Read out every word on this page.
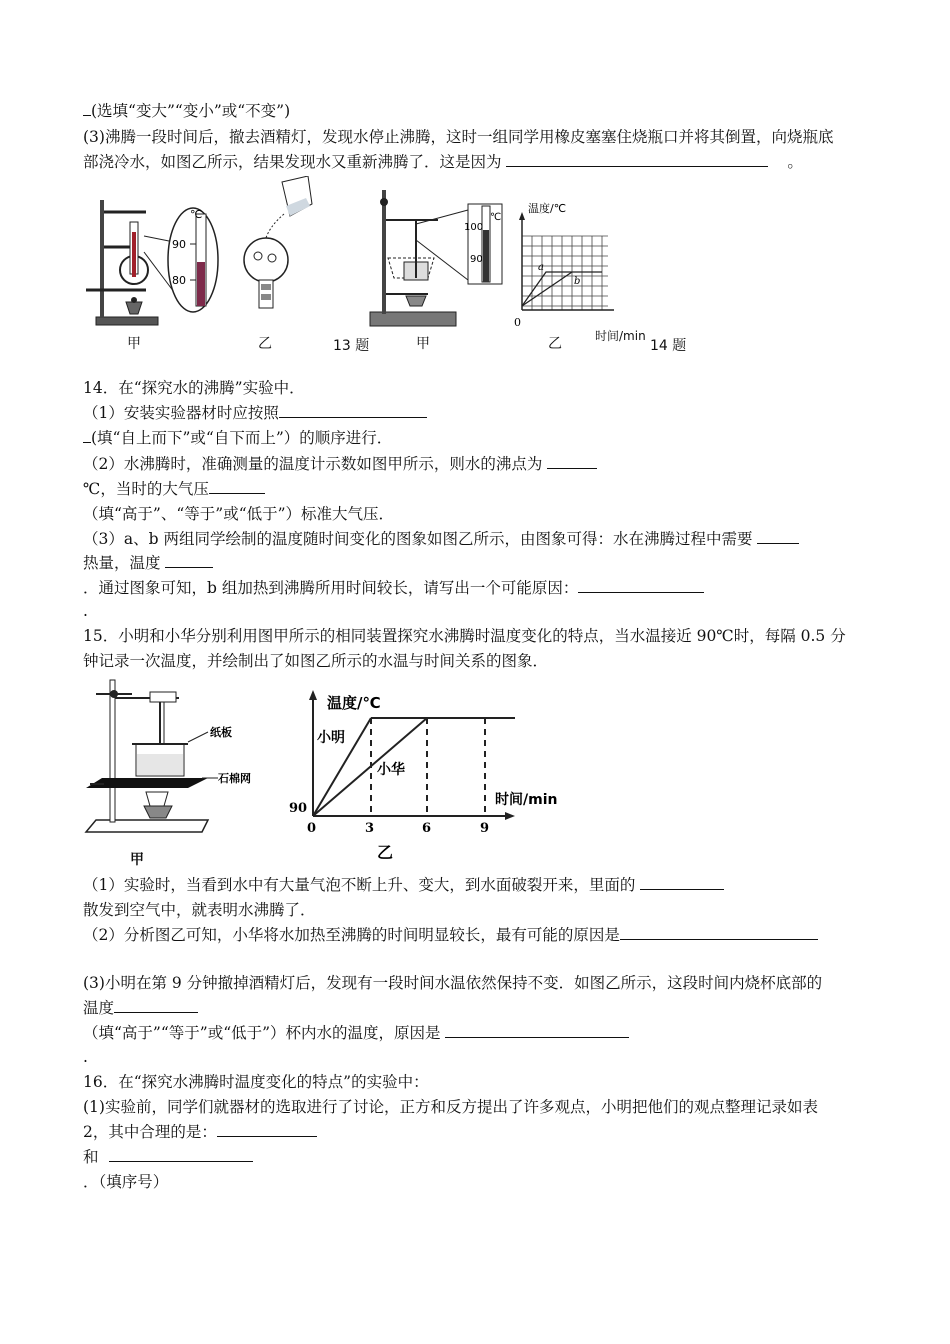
(选填“变大”“变小”或“不变”)
(3)沸腾一段时间后，撤去酒精灯，发现水停止沸腾，这时一组同学用橡皮塞塞住烧瓶口并将其倒置，向烧瓶底
部浇冷水，如图乙所示，结果发现水又重新沸腾了．这是因为	。
℃
90
80
甲	乙	13 题
℃
100
90
甲
温度/℃
a
b
0
乙	时间/min
14 题
14．在“探究水的沸腾”实验中．
（1）安装实验器材时应按照
(填“自上而下”或“自下而上”）的顺序进行．
（2）水沸腾时，准确测量的温度计示数如图甲所示，则水的沸点为
℃，当时的大气压
（填“高于”、“等于”或“低于”）标准大气压．
（3）a、b 两组同学绘制的温度随时间变化的图象如图乙所示，由图象可得：水在沸腾过程中需要
热量，温度
．通过图象可知，b 组加热到沸腾所用时间较长，请写出一个可能原因：
.
15．小明和小华分别利用图甲所示的相同装置探究水沸腾时温度变化的特点，当水温接近 90℃时，每隔 0.5 分
钟记录一次温度，并绘制出了如图乙所示的水温与时间关系的图象．
纸板
石棉网
甲
温度/℃
小明
小华
时间/min
90
0	3	6	9
乙
（1）实验时，当看到水中有大量气泡不断上升、变大，到水面破裂开来，里面的
散发到空气中，就表明水沸腾了．
（2）分析图乙可知，小华将水加热至沸腾的时间明显较长，最有可能的原因是
(3)小明在第 9 分钟撤掉酒精灯后，发现有一段时间水温依然保持不变．如图乙所示，这段时间内烧杯底部的
温度
（填“高于”“等于”或“低于”）杯内水的温度，原因是
.
16．在“探究水沸腾时温度变化的特点”的实验中：
(1)实验前，同学们就器材的选取进行了讨论，正方和反方提出了许多观点，小明把他们的观点整理记录如表
2，其中合理的是：
和
．（填序号）
